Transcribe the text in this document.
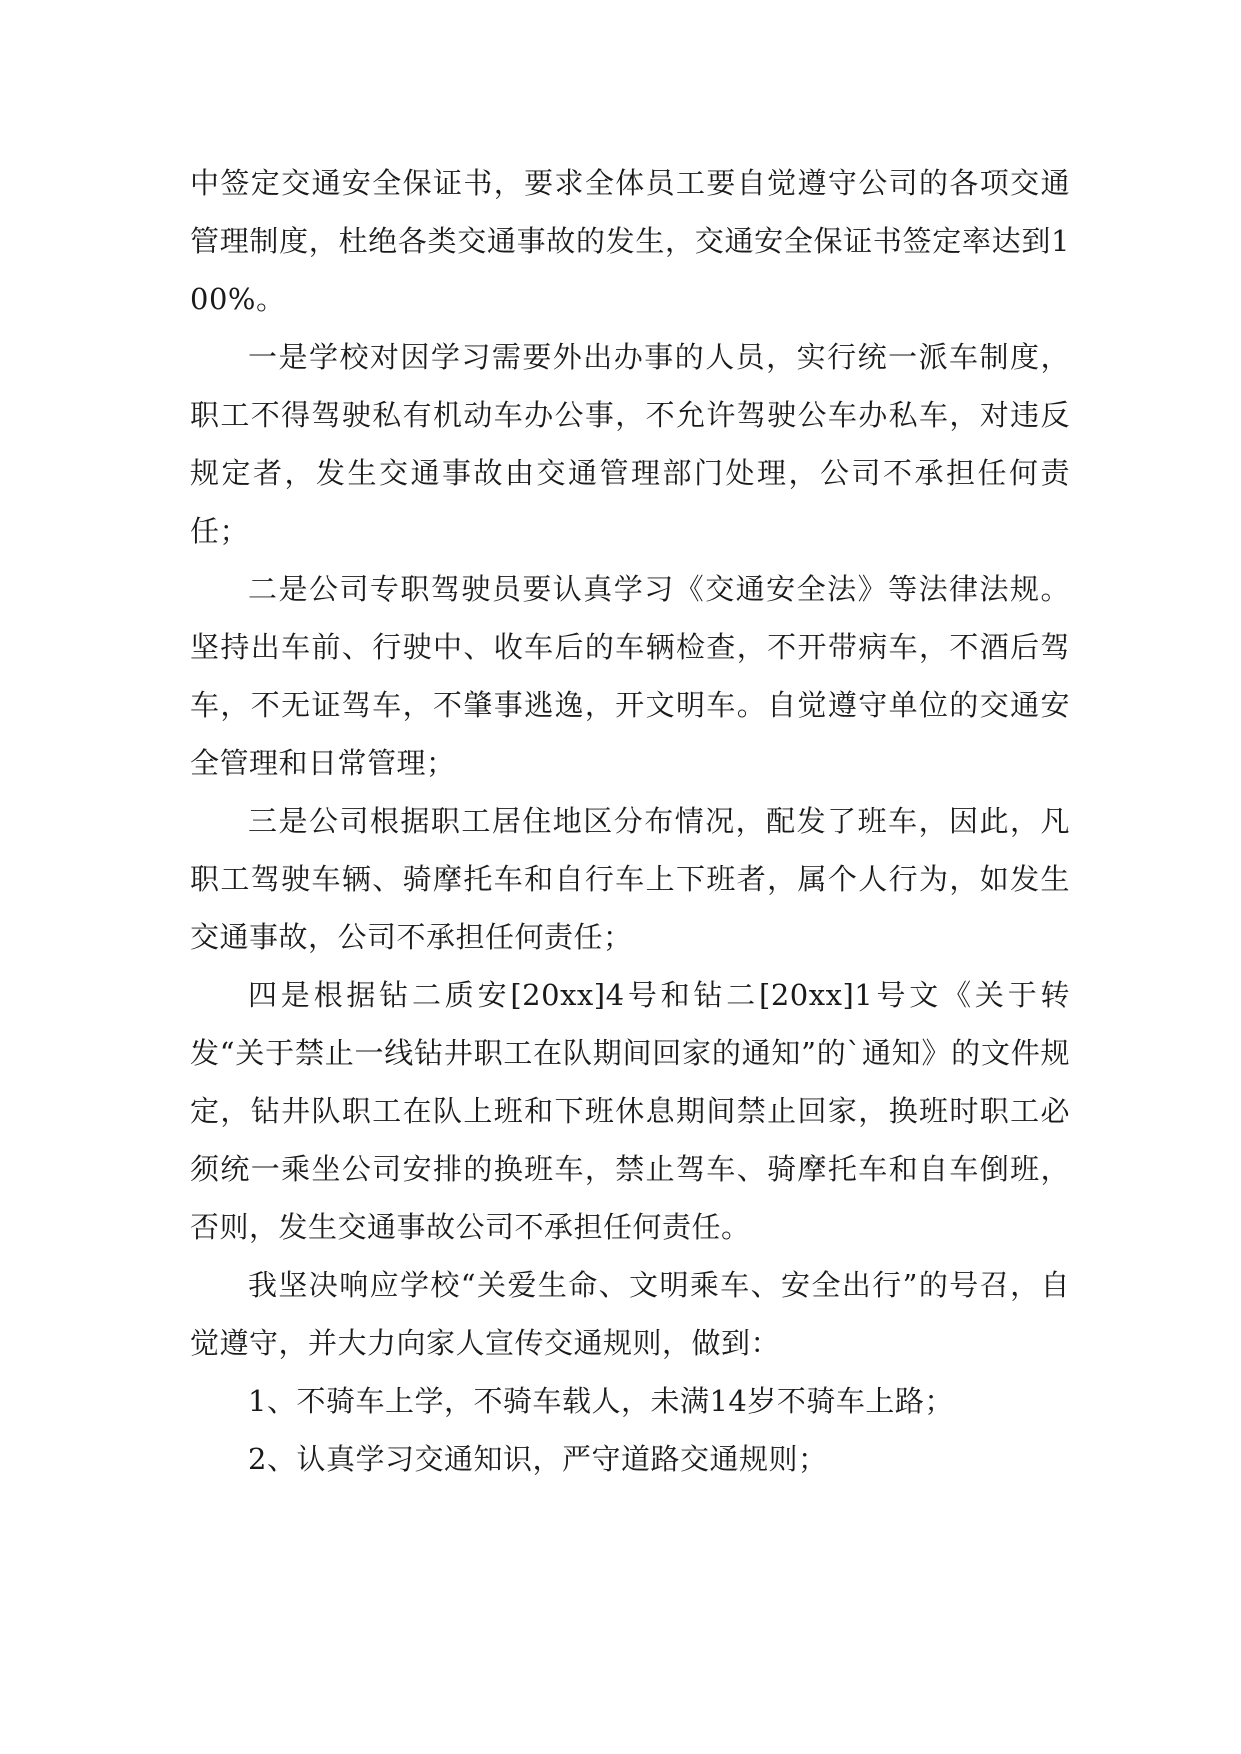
中签定交通安全保证书，要求全体员工要自觉遵守公司的各项交通管理制度，杜绝各类交通事故的发生，交通安全保证书签定率达到100%。

一是学校对因学习需要外出办事的人员，实行统一派车制度，职工不得驾驶私有机动车办公事，不允许驾驶公车办私车，对违反规定者，发生交通事故由交通管理部门处理，公司不承担任何责任；

二是公司专职驾驶员要认真学习《交通安全法》等法律法规。坚持出车前、行驶中、收车后的车辆检查，不开带病车，不酒后驾车，不无证驾车，不肇事逃逸，开文明车。自觉遵守单位的交通安全管理和日常管理；

三是公司根据职工居住地区分布情况，配发了班车，因此，凡职工驾驶车辆、骑摩托车和自行车上下班者，属个人行为，如发生交通事故，公司不承担任何责任；

四是根据钻二质安[20xx]4号和钻二[20xx]1号文《关于转发“关于禁止一线钻井职工在队期间回家的通知”的`通知》的文件规定，钻井队职工在队上班和下班休息期间禁止回家，换班时职工必须统一乘坐公司安排的换班车，禁止驾车、骑摩托车和自车倒班，否则，发生交通事故公司不承担任何责任。

我坚决响应学校“关爱生命、文明乘车、安全出行”的号召，自觉遵守，并大力向家人宣传交通规则，做到：

1、不骑车上学，不骑车载人，未满14岁不骑车上路；

2、认真学习交通知识，严守道路交通规则；
